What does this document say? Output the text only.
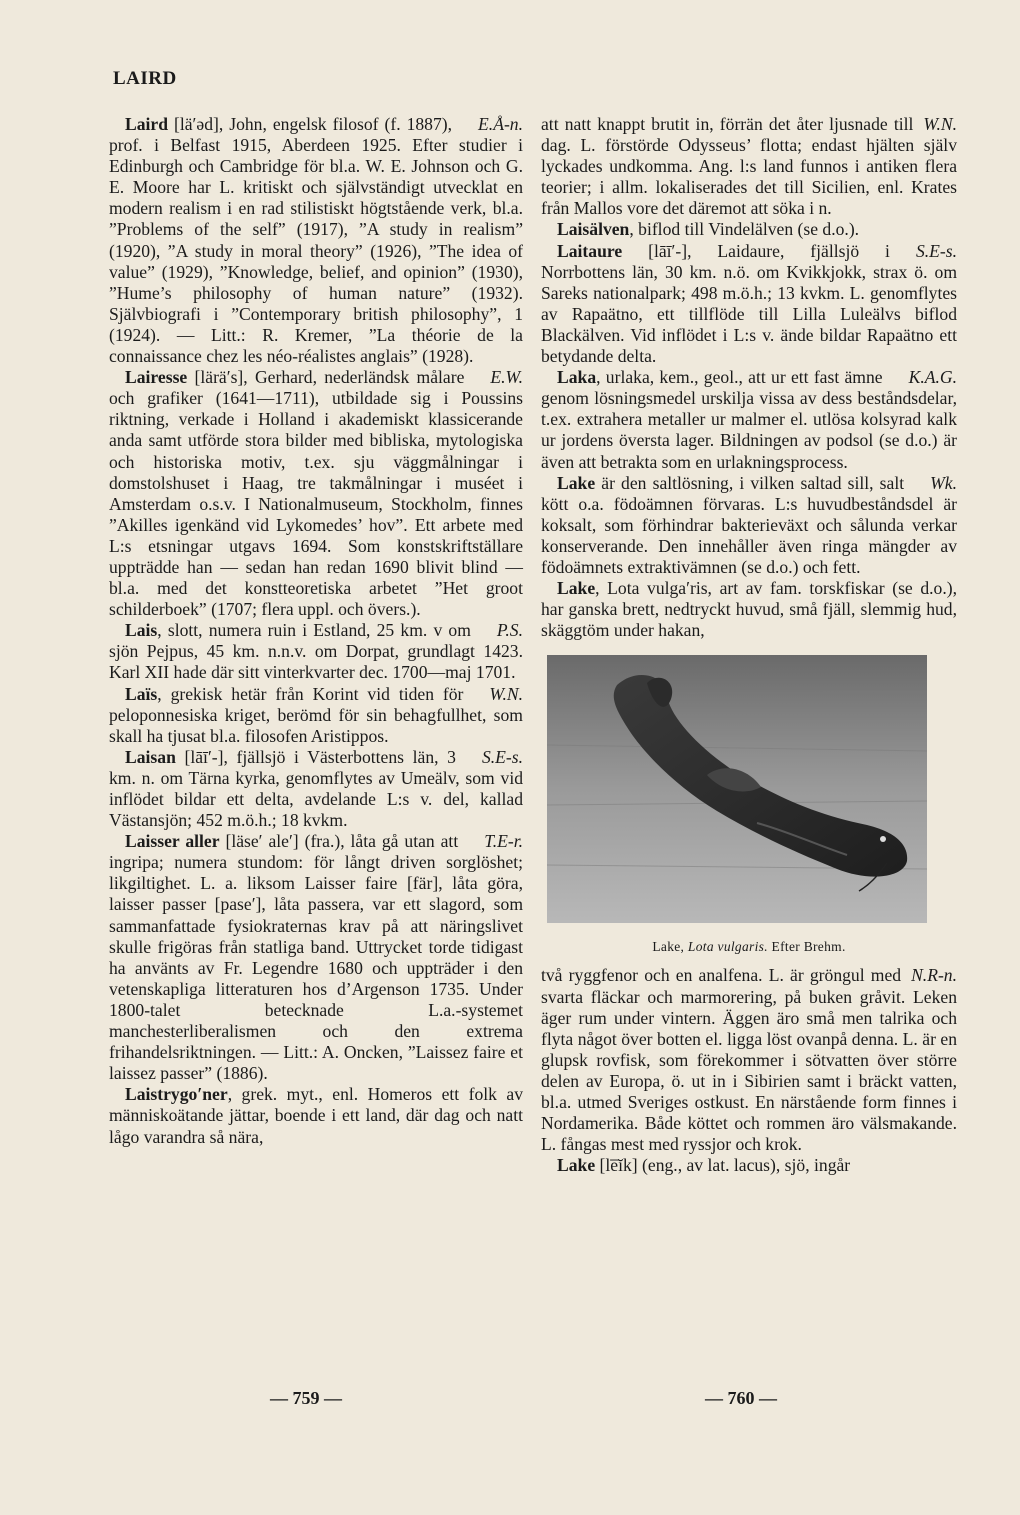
LAIRD

E.Å-n.
Laird [lä′əd], John, engelsk filosof (f. 1887), prof. i Belfast 1915, Aberdeen 1925. Efter studier i Edinburgh och Cambridge för bl.a. W. E. Johnson och G. E. Moore har L. kritiskt och självständigt utvecklat en modern realism i en rad stilistiskt högtstående verk, bl.a. ”Problems of the self” (1917), ”A study in realism” (1920), ”A study in moral theory” (1926), ”The idea of value” (1929), ”Knowledge, belief, and opinion” (1930), ”Hume’s philosophy of human nature” (1932). Självbiografi i ”Contemporary british philosophy”, 1 (1924). — Litt.: R. Kremer, ”La théorie de la connaissance chez les néo-réalistes anglais” (1928).

E.W.
Lairesse [lärä′s], Gerhard, nederländsk målare och grafiker (1641—1711), utbildade sig i Poussins riktning, verkade i Holland i akademiskt klassicerande anda samt utförde stora bilder med bibliska, mytologiska och historiska motiv, t.ex. sju väggmålningar i domstolshuset i Haag, tre takmålningar i muséet i Amsterdam o.s.v. I Nationalmuseum, Stockholm, finnes ”Akilles igenkänd vid Lykomedes’ hov”. Ett arbete med L:s etsningar utgavs 1694. Som konstskriftställare uppträdde han — sedan han redan 1690 blivit blind — bl.a. med det konstteoretiska arbetet ”Het groot schilderboek” (1707; flera uppl. och övers.).

P.S.
Lais, slott, numera ruin i Estland, 25 km. v om sjön Pejpus, 45 km. n.n.v. om Dorpat, grundlagt 1423. Karl XII hade där sitt vinterkvarter dec. 1700—maj 1701.

W.N.
Laïs, grekisk hetär från Korint vid tiden för peloponnesiska kriget, berömd för sin behagfullhet, som skall ha tjusat bl.a. filosofen Aristippos.

S.E-s.
Laisan [lāī′-], fjällsjö i Västerbottens län, 3 km. n. om Tärna kyrka, genomflytes av Umeälv, som vid inflödet bildar ett delta, avdelande L:s v. del, kallad Västansjön; 452 m.ö.h.; 18 kvkm.

T.E-r.
Laisser aller [läse′ ale′] (fra.), låta gå utan att ingripa; numera stundom: för långt driven sorglöshet; likgiltighet. L. a. liksom Laisser faire [fär], låta göra, laisser passer [pase′], låta passera, var ett slagord, som sammanfattade fysiokraternas krav på att näringslivet skulle frigöras från statliga band. Uttrycket torde tidigast ha använts av Fr. Legendre 1680 och uppträder i den vetenskapliga litteraturen hos d’Argenson 1735. Under 1800-talet betecknade L.a.-systemet manchesterliberalismen och den extrema frihandelsriktningen. — Litt.: A. Oncken, ”Laissez faire et laissez passer” (1886).

Laistrygo′ner, grek. myt., enl. Homeros ett folk av människoätande jättar, boende i ett land, där dag och natt lågo varandra så nära,

W.N.
att natt knappt brutit in, förrän det åter ljusnade till dag. L. förstörde Odysseus’ flotta; endast hjälten själv lyckades undkomma. Ang. l:s land funnos i antiken flera teorier; i allm. lokaliserades det till Sicilien, enl. Krates från Mallos vore det däremot att söka i n.

Laisälven, biflod till Vindelälven (se d.o.).

S.E-s.
Laitaure [lāī′-], Laidaure, fjällsjö i Norrbottens län, 30 km. n.ö. om Kvikkjokk, strax ö. om Sareks nationalpark; 498 m.ö.h.; 13 kvkm. L. genomflytes av Rapaätno, ett tillflöde till Lilla Luleälvs biflod Blackälven. Vid inflödet i L:s v. ände bildar Rapaätno ett betydande delta.

K.A.G.
Laka, urlaka, kem., geol., att ur ett fast ämne genom lösningsmedel urskilja vissa av dess beståndsdelar, t.ex. extrahera metaller ur malmer el. utlösa kolsyrad kalk ur jordens översta lager. Bildningen av podsol (se d.o.) är även att betrakta som en urlakningsprocess.

Wk.
Lake är den saltlösning, i vilken saltad sill, salt kött o.a. födoämnen förvaras. L:s huvudbeståndsdel är koksalt, som förhindrar bakterieväxt och sålunda verkar konserverande. Den innehåller även ringa mängder av födoämnets extraktivämnen (se d.o.) och fett.

Lake, Lota vulga′ris, art av fam. torskfiskar (se d.o.), har ganska brett, nedtryckt huvud, små fjäll, slemmig hud, skäggtöm under hakan,

Lake, Lota vulgaris. Efter Brehm.

N.R-n.
två ryggfenor och en analfena. L. är gröngul med svarta fläckar och marmorering, på buken gråvit. Leken äger rum under vintern. Äggen äro små men talrika och flyta något över botten el. ligga löst ovanpå denna. L. är en glupsk rovfisk, som förekommer i sötvatten över större delen av Europa, ö. ut in i Sibirien samt i bräckt vatten, bl.a. utmed Sveriges ostkust. En närstående form finnes i Nordamerika. Både köttet och rommen äro välsmakande. L. fångas mest med ryssjor och krok.

Lake [le̅ĭk] (eng., av lat. lacus), sjö, ingår

— 759 —	— 760 —
